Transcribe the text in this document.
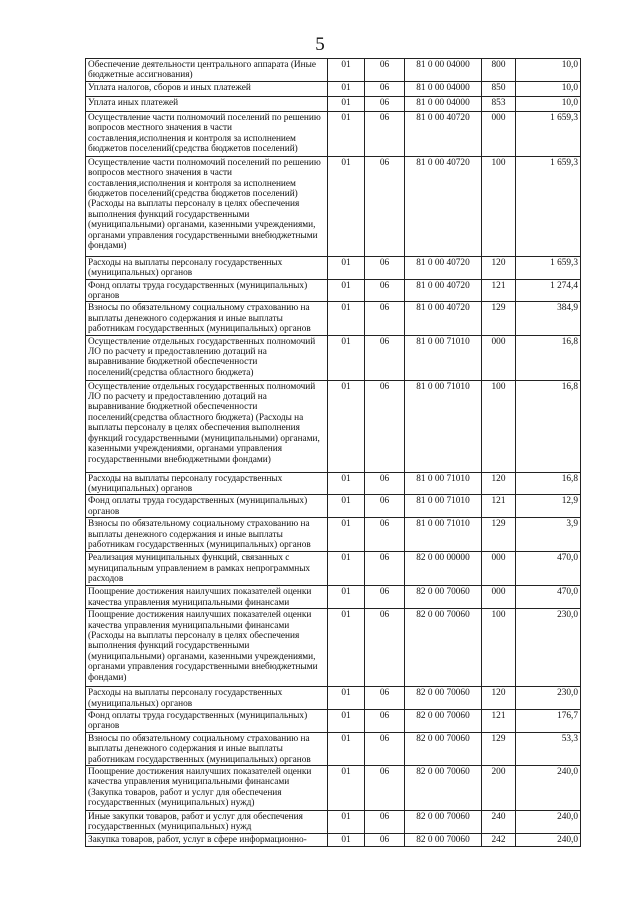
5
Обеспечение деятельности центрального аппарата (Иные бюджетные ассигнования)	01	06	81 0 00 04000	800	10,0
Уплата налогов, сборов и иных платежей	01	06	81 0 00 04000	850	10,0
Уплата иных платежей	01	06	81 0 00 04000	853	10,0
Осуществление части полномочий поселений по решению вопросов местного значения в части составления,исполнения и контроля за исполнением бюджетов поселений(средства бюджетов поселений)	01	06	81 0 00 40720	000	1 659,3
Осуществление части полномочий поселений по решению вопросов местного значения в части составления,исполнения и контроля за исполнением бюджетов поселений(средства бюджетов поселений) (Расходы на выплаты персоналу в целях обеспечения выполнения функций государственными (муниципальными) органами, казенными учреждениями, органами управления государственными внебюджетными фондами)	01	06	81 0 00 40720	100	1 659,3
Расходы на выплаты персоналу государственных (муниципальных) органов	01	06	81 0 00 40720	120	1 659,3
Фонд оплаты труда государственных (муниципальных) органов	01	06	81 0 00 40720	121	1 274,4
Взносы по обязательному социальному страхованию на выплаты денежного содержания и иные выплаты работникам государственных (муниципальных) органов	01	06	81 0 00 40720	129	384,9
Осуществление отдельных государственных полномочий ЛО по расчету и предоставлению дотаций на выравнивание бюджетной обеспеченности поселений(средства областного бюджета)	01	06	81 0 00 71010	000	16,8
Осуществление отдельных государственных полномочий ЛО по расчету и предоставлению дотаций на выравнивание бюджетной обеспеченности поселений(средства областного бюджета) (Расходы на выплаты персоналу в целях обеспечения выполнения функций государственными (муниципальными) органами, казенными учреждениями, органами управления государственными внебюджетными фондами)	01	06	81 0 00 71010	100	16,8
Расходы на выплаты персоналу государственных (муниципальных) органов	01	06	81 0 00 71010	120	16,8
Фонд оплаты труда государственных (муниципальных) органов	01	06	81 0 00 71010	121	12,9
Взносы по обязательному социальному страхованию на выплаты денежного содержания и иные выплаты работникам государственных (муниципальных) органов	01	06	81 0 00 71010	129	3,9
Реализация муниципальных функций, связанных с муниципальным управлением в рамках непрограммных расходов	01	06	82 0 00 00000	000	470,0
Поощрение достижения наилучших показателей оценки качества управления муниципальными финансами	01	06	82 0 00 70060	000	470,0
Поощрение достижения наилучших показателей оценки качества управления муниципальными финансами (Расходы на выплаты персоналу в целях обеспечения выполнения функций государственными (муниципальными) органами, казенными учреждениями, органами управления государственными внебюджетными фондами)	01	06	82 0 00 70060	100	230,0
Расходы на выплаты персоналу государственных (муниципальных) органов	01	06	82 0 00 70060	120	230,0
Фонд оплаты труда государственных (муниципальных) органов	01	06	82 0 00 70060	121	176,7
Взносы по обязательному социальному страхованию на выплаты денежного содержания и иные выплаты работникам государственных (муниципальных) органов	01	06	82 0 00 70060	129	53,3
Поощрение достижения наилучших показателей оценки качества управления муниципальными финансами (Закупка товаров, работ и услуг для обеспечения государственных (муниципальных) нужд)	01	06	82 0 00 70060	200	240,0
Иные закупки товаров, работ и услуг для обеспечения государственных (муниципальных) нужд	01	06	82 0 00 70060	240	240,0
Закупка товаров, работ, услуг в сфере информационно-	01	06	82 0 00 70060	242	240,0
